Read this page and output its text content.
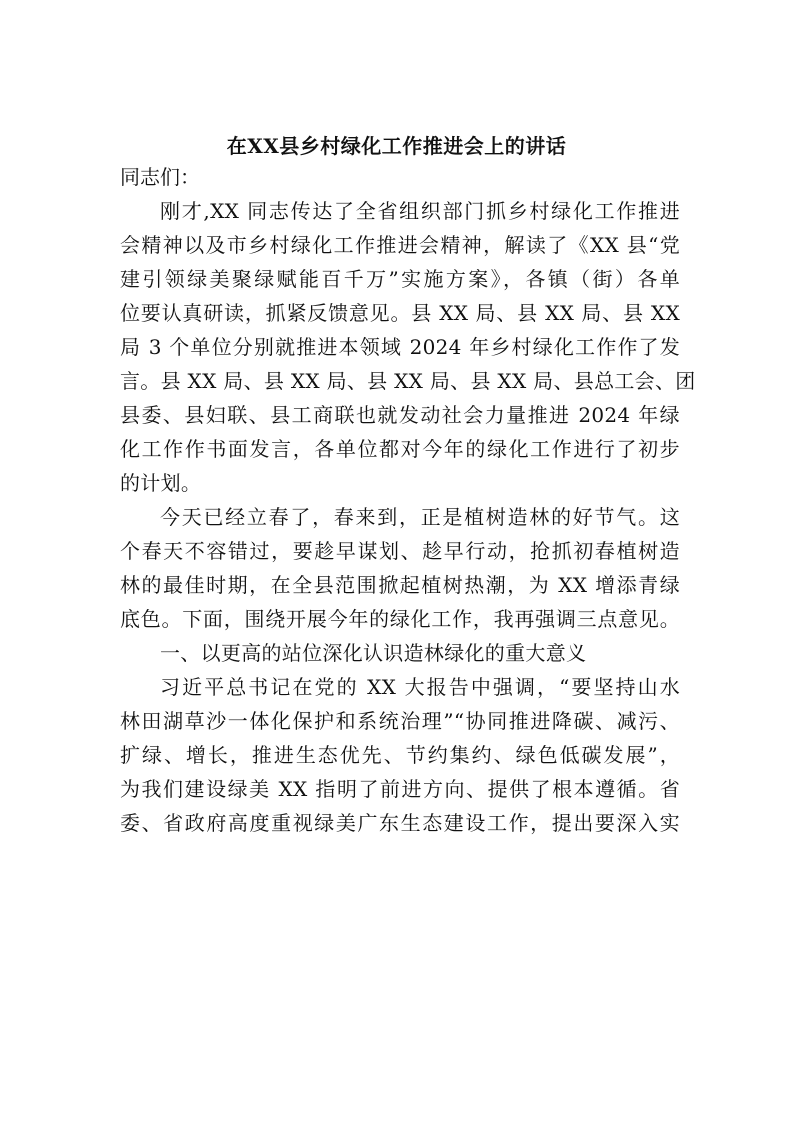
在XX县乡村绿化工作推进会上的讲话
同志们：
刚才,XX 同志传达了全省组织部门抓乡村绿化工作推进
会精神以及市乡村绿化工作推进会精神，解读了《XX 县“党
建引领绿美聚绿赋能百千万”实施方案》，各镇（街）各单
位要认真研读，抓紧反馈意见。县 XX 局、县 XX 局、县 XX
局 3 个单位分别就推进本领域 2024 年乡村绿化工作作了发
言。县 XX 局、县 XX 局、县 XX 局、县 XX 局、县总工会、团
县委、县妇联、县工商联也就发动社会力量推进 2024 年绿
化工作作书面发言，各单位都对今年的绿化工作进行了初步
的计划。
今天已经立春了，春来到，正是植树造林的好节气。这
个春天不容错过，要趁早谋划、趁早行动，抢抓初春植树造
林的最佳时期，在全县范围掀起植树热潮，为 XX 增添青绿
底色。下面，围绕开展今年的绿化工作，我再强调三点意见。
一、以更高的站位深化认识造林绿化的重大意义
习近平总书记在党的 XX 大报告中强调，“要坚持山水
林田湖草沙一体化保护和系统治理”“协同推进降碳、减污、
扩绿、增长，推进生态优先、节约集约、绿色低碳发展”，
为我们建设绿美 XX 指明了前进方向、提供了根本遵循。省
委、省政府高度重视绿美广东生态建设工作，提出要深入实
